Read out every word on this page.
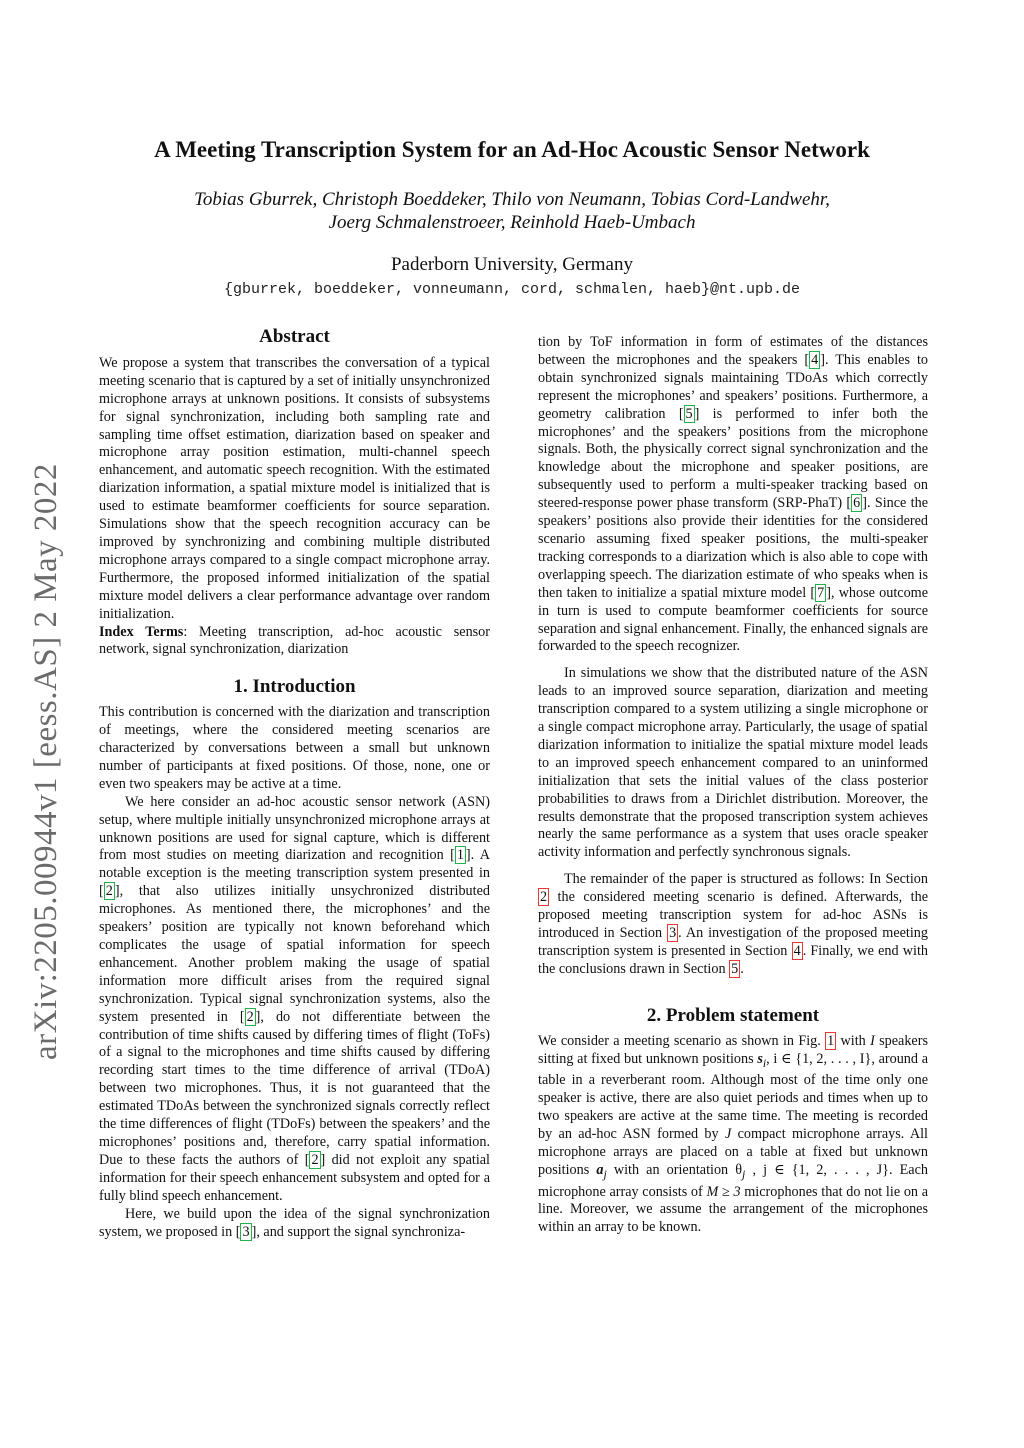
arXiv:2205.00944v1 [eess.AS] 2 May 2022
A Meeting Transcription System for an Ad-Hoc Acoustic Sensor Network
Tobias Gburrek, Christoph Boeddeker, Thilo von Neumann, Tobias Cord-Landwehr,
Joerg Schmalenstroeer, Reinhold Haeb-Umbach
Paderborn University, Germany
{gburrek, boeddeker, vonneumann, cord, schmalen, haeb}@nt.upb.de
Abstract

We propose a system that transcribes the conversation of a typical meeting scenario that is captured by a set of initially unsynchronized microphone arrays at unknown positions. It consists of subsystems for signal synchronization, including both sampling rate and sampling time offset estimation, diarization based on speaker and microphone array position estimation, multi-channel speech enhancement, and automatic speech recognition. With the estimated diarization information, a spatial mixture model is initialized that is used to estimate beamformer coefficients for source separation. Simulations show that the speech recognition accuracy can be improved by synchronizing and combining multiple distributed microphone arrays compared to a single compact microphone array. Furthermore, the proposed informed initialization of the spatial mixture model delivers a clear performance advantage over random initialization.

Index Terms: Meeting transcription, ad-hoc acoustic sensor network, signal synchronization, diarization

1. Introduction

This contribution is concerned with the diarization and transcription of meetings, where the considered meeting scenarios are characterized by conversations between a small but unknown number of participants at fixed positions. Of those, none, one or even two speakers may be active at a time.

We here consider an ad-hoc acoustic sensor network (ASN) setup, where multiple initially unsynchronized microphone arrays at unknown positions are used for signal capture, which is different from most studies on meeting diarization and recognition [ 1 ]. A notable exception is the meeting transcription system presented in [ 2 ], that also utilizes initially unsychronized distributed microphones. As mentioned there, the microphones’ and the speakers’ position are typically not known beforehand which complicates the usage of spatial information for speech enhancement. Another problem making the usage of spatial information more difficult arises from the required signal synchronization. Typical signal synchronization systems, also the system presented in [ 2 ], do not differentiate between the contribution of time shifts caused by differing times of flight (ToFs) of a signal to the microphones and time shifts caused by differing recording start times to the time difference of arrival (TDoA) between two microphones. Thus, it is not guaranteed that the estimated TDoAs between the synchronized signals correctly reflect the time differences of flight (TDoFs) between the speakers’ and the microphones’ positions and, therefore, carry spatial information. Due to these facts the authors of [ 2 ] did not exploit any spatial information for their speech enhancement subsystem and opted for a fully blind speech enhancement.

Here, we build upon the idea of the signal synchronization system, we proposed in [ 3 ], and support the signal synchroniza-

tion by ToF information in form of estimates of the distances between the microphones and the speakers [ 4 ]. This enables to obtain synchronized signals maintaining TDoAs which correctly represent the microphones’ and speakers’ positions. Furthermore, a geometry calibration [ 5 ] is performed to infer both the microphones’ and the speakers’ positions from the microphone signals. Both, the physically correct signal synchronization and the knowledge about the microphone and speaker positions, are subsequently used to perform a multi-speaker tracking based on steered-response power phase transform (SRP-PhaT) [ 6 ]. Since the speakers’ positions also provide their identities for the considered scenario assuming fixed speaker positions, the multi-speaker tracking corresponds to a diarization which is also able to cope with overlapping speech. The diarization estimate of who speaks when is then taken to initialize a spatial mixture model [ 7 ], whose outcome in turn is used to compute beamformer coefficients for source separation and signal enhancement. Finally, the enhanced signals are forwarded to the speech recognizer.

In simulations we show that the distributed nature of the ASN leads to an improved source separation, diarization and meeting transcription compared to a system utilizing a single microphone or a single compact microphone array. Particularly, the usage of spatial diarization information to initialize the spatial mixture model leads to an improved speech enhancement compared to an uninformed initialization that sets the initial values of the class posterior probabilities to draws from a Dirichlet distribution. Moreover, the results demonstrate that the proposed transcription system achieves nearly the same performance as a system that uses oracle speaker activity information and perfectly synchronous signals.

The remainder of the paper is structured as follows: In Section 2 the considered meeting scenario is defined. Afterwards, the proposed meeting transcription system for ad-hoc ASNs is introduced in Section 3 . An investigation of the proposed meeting transcription system is presented in Section 4 . Finally, we end with the conclusions drawn in Section 5 .

2. Problem statement

We consider a meeting scenario as shown in Fig. 1 with I speakers sitting at fixed but unknown positions $s_i$, i ∈ {1, 2, . . . , I}, around a table in a reverberant room. Although most of the time only one speaker is active, there are also quiet periods and times when up to two speakers are active at the same time. The meeting is recorded by an ad-hoc ASN formed by J compact microphone arrays. All microphone arrays are placed on a table at fixed but unknown positions $a_j$ with an orientation $\theta_j$ , j ∈ {1, 2, . . . , J}. Each microphone array consists of M ≥ 3 microphones that do not lie on a line. Moreover, we assume the arrangement of the microphones within an array to be known.
